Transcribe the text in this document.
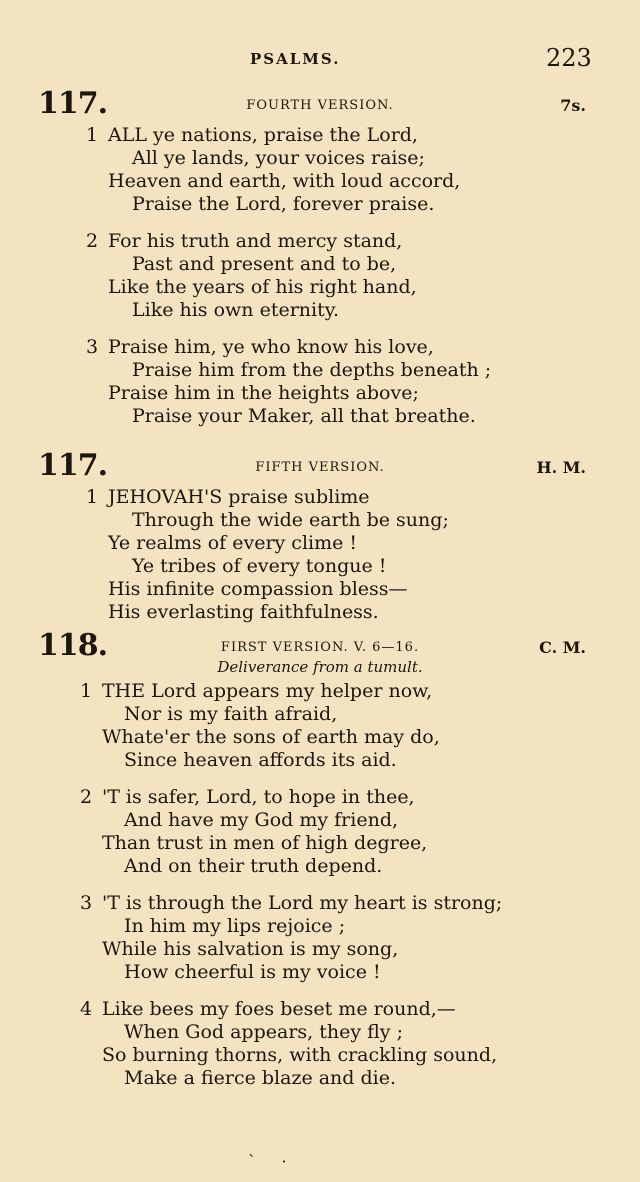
PSALMS.	223
117.	FOURTH VERSION.	7s.
1 ALL ye nations, praise the Lord,
All ye lands, your voices raise;
Heaven and earth, with loud accord,
Praise the Lord, forever praise.
2 For his truth and mercy stand,
Past and present and to be,
Like the years of his right hand,
Like his own eternity.
3 Praise him, ye who know his love,
Praise him from the depths beneath ;
Praise him in the heights above;
Praise your Maker, all that breathe.
117.	FIFTH VERSION.	H. M.
1 JEHOVAH'S praise sublime
Through the wide earth be sung;
Ye realms of every clime !
Ye tribes of every tongue !
His infinite compassion bless—
His everlasting faithfulness.
118.	FIRST VERSION. V. 6—16.	C. M.
Deliverance from a tumult.
1 THE Lord appears my helper now,
Nor is my faith afraid,
Whate'er the sons of earth may do,
Since heaven affords its aid.
2 'T is safer, Lord, to hope in thee,
And have my God my friend,
Than trust in men of high degree,
And on their truth depend.
3 'T is through the Lord my heart is strong;
In him my lips rejoice ;
While his salvation is my song,
How cheerful is my voice !
4 Like bees my foes beset me round,—
When God appears, they fly ;
So burning thorns, with crackling sound,
Make a fierce blaze and die.
`     ·
